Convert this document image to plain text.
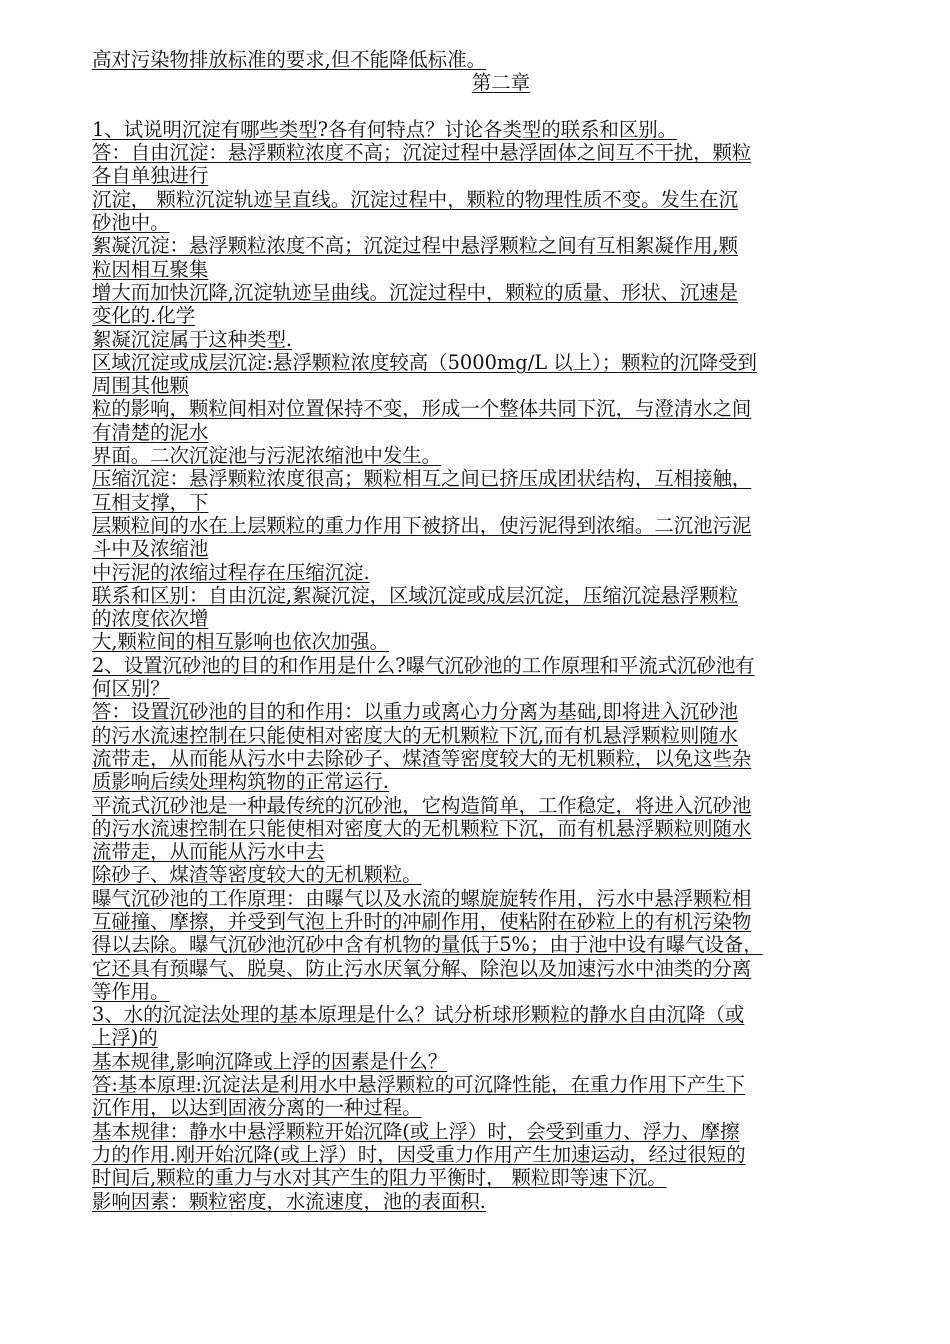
高对污染物排放标准的要求,但不能降低标准。
第二章
1、试说明沉淀有哪些类型?各有何特点？讨论各类型的联系和区别。
答：自由沉淀：悬浮颗粒浓度不高；沉淀过程中悬浮固体之间互不干扰，颗粒
各自单独进行
沉淀， 颗粒沉淀轨迹呈直线。沉淀过程中，颗粒的物理性质不变。发生在沉
砂池中。
絮凝沉淀：悬浮颗粒浓度不高；沉淀过程中悬浮颗粒之间有互相絮凝作用,颗
粒因相互聚集
增大而加快沉降,沉淀轨迹呈曲线。沉淀过程中，颗粒的质量、形状、沉速是
变化的.化学
絮凝沉淀属于这种类型.
区域沉淀或成层沉淀:悬浮颗粒浓度较高（5000mg/L 以上）；颗粒的沉降受到
周围其他颗
粒的影响，颗粒间相对位置保持不变，形成一个整体共同下沉，与澄清水之间
有清楚的泥水
界面。二次沉淀池与污泥浓缩池中发生。
压缩沉淀：悬浮颗粒浓度很高；颗粒相互之间已挤压成团状结构，互相接触，
互相支撑，下
层颗粒间的水在上层颗粒的重力作用下被挤出，使污泥得到浓缩。二沉池污泥
斗中及浓缩池
中污泥的浓缩过程存在压缩沉淀.
联系和区别：自由沉淀,絮凝沉淀，区域沉淀或成层沉淀，压缩沉淀悬浮颗粒
的浓度依次增
大,颗粒间的相互影响也依次加强。
2、设置沉砂池的目的和作用是什么?曝气沉砂池的工作原理和平流式沉砂池有
何区别？
答：设置沉砂池的目的和作用：以重力或离心力分离为基础,即将进入沉砂池
的污水流速控制在只能使相对密度大的无机颗粒下沉,而有机悬浮颗粒则随水
流带走，从而能从污水中去除砂子、煤渣等密度较大的无机颗粒，以免这些杂
质影响后续处理构筑物的正常运行.
平流式沉砂池是一种最传统的沉砂池，它构造简单，工作稳定，将进入沉砂池
的污水流速控制在只能使相对密度大的无机颗粒下沉，而有机悬浮颗粒则随水
流带走，从而能从污水中去
除砂子、煤渣等密度较大的无机颗粒。
曝气沉砂池的工作原理：由曝气以及水流的螺旋旋转作用，污水中悬浮颗粒相
互碰撞、摩擦，并受到气泡上升时的冲刷作用，使粘附在砂粒上的有机污染物
得以去除。曝气沉砂池沉砂中含有机物的量低于5%；由于池中设有曝气设备，
它还具有预曝气、脱臭、防止污水厌氧分解、除泡以及加速污水中油类的分离
等作用。
3、水的沉淀法处理的基本原理是什么？试分析球形颗粒的静水自由沉降（或
上浮)的
基本规律,影响沉降或上浮的因素是什么？
答:基本原理:沉淀法是利用水中悬浮颗粒的可沉降性能，在重力作用下产生下
沉作用，以达到固液分离的一种过程。
基本规律：静水中悬浮颗粒开始沉降(或上浮）时，会受到重力、浮力、摩擦
力的作用.刚开始沉降(或上浮）时，因受重力作用产生加速运动，经过很短的
时间后,颗粒的重力与水对其产生的阻力平衡时， 颗粒即等速下沉。
影响因素：颗粒密度，水流速度，池的表面积.
